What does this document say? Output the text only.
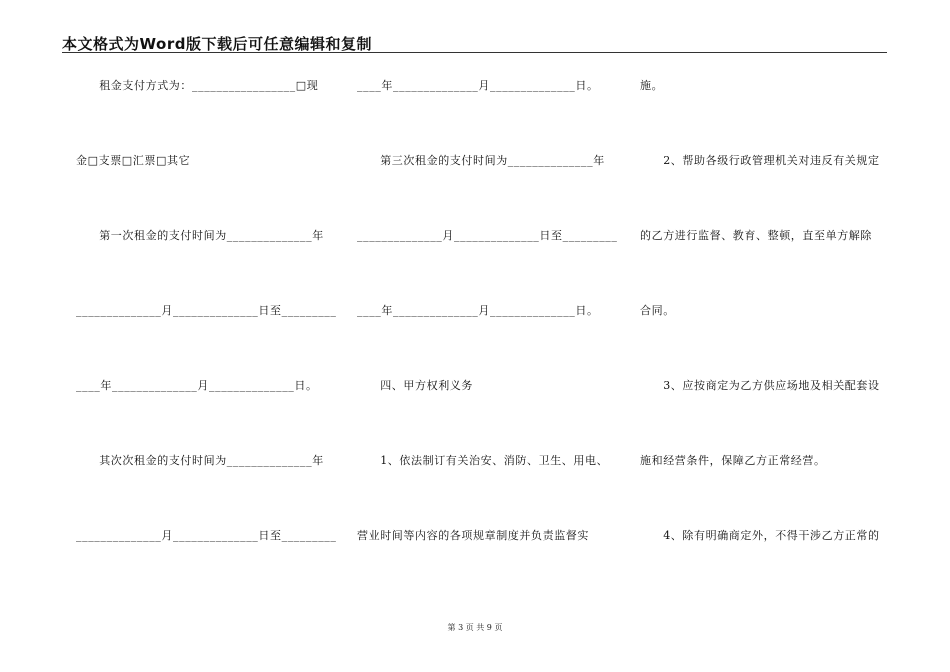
本文格式为Word版下载后可任意编辑和复制
　　租金支付方式为：_________________□现
金□支票□汇票□其它
　　第一次租金的支付时间为______________年
______________月______________日至_________
____年______________月______________日。
　　其次次租金的支付时间为______________年
______________月______________日至_________
____年______________月______________日。
　　第三次租金的支付时间为______________年
______________月______________日至_________
____年______________月______________日。
　　四、甲方权利义务
　　1、依法制订有关治安、消防、卫生、用电、
营业时间等内容的各项规章制度并负责监督实
施。
　　2、帮助各级行政管理机关对违反有关规定
的乙方进行监督、教育、整顿，直至单方解除
合同。
　　3、应按商定为乙方供应场地及相关配套设
施和经营条件，保障乙方正常经营。
　　4、除有明确商定外，不得干涉乙方正常的
第 3 页 共 9 页
